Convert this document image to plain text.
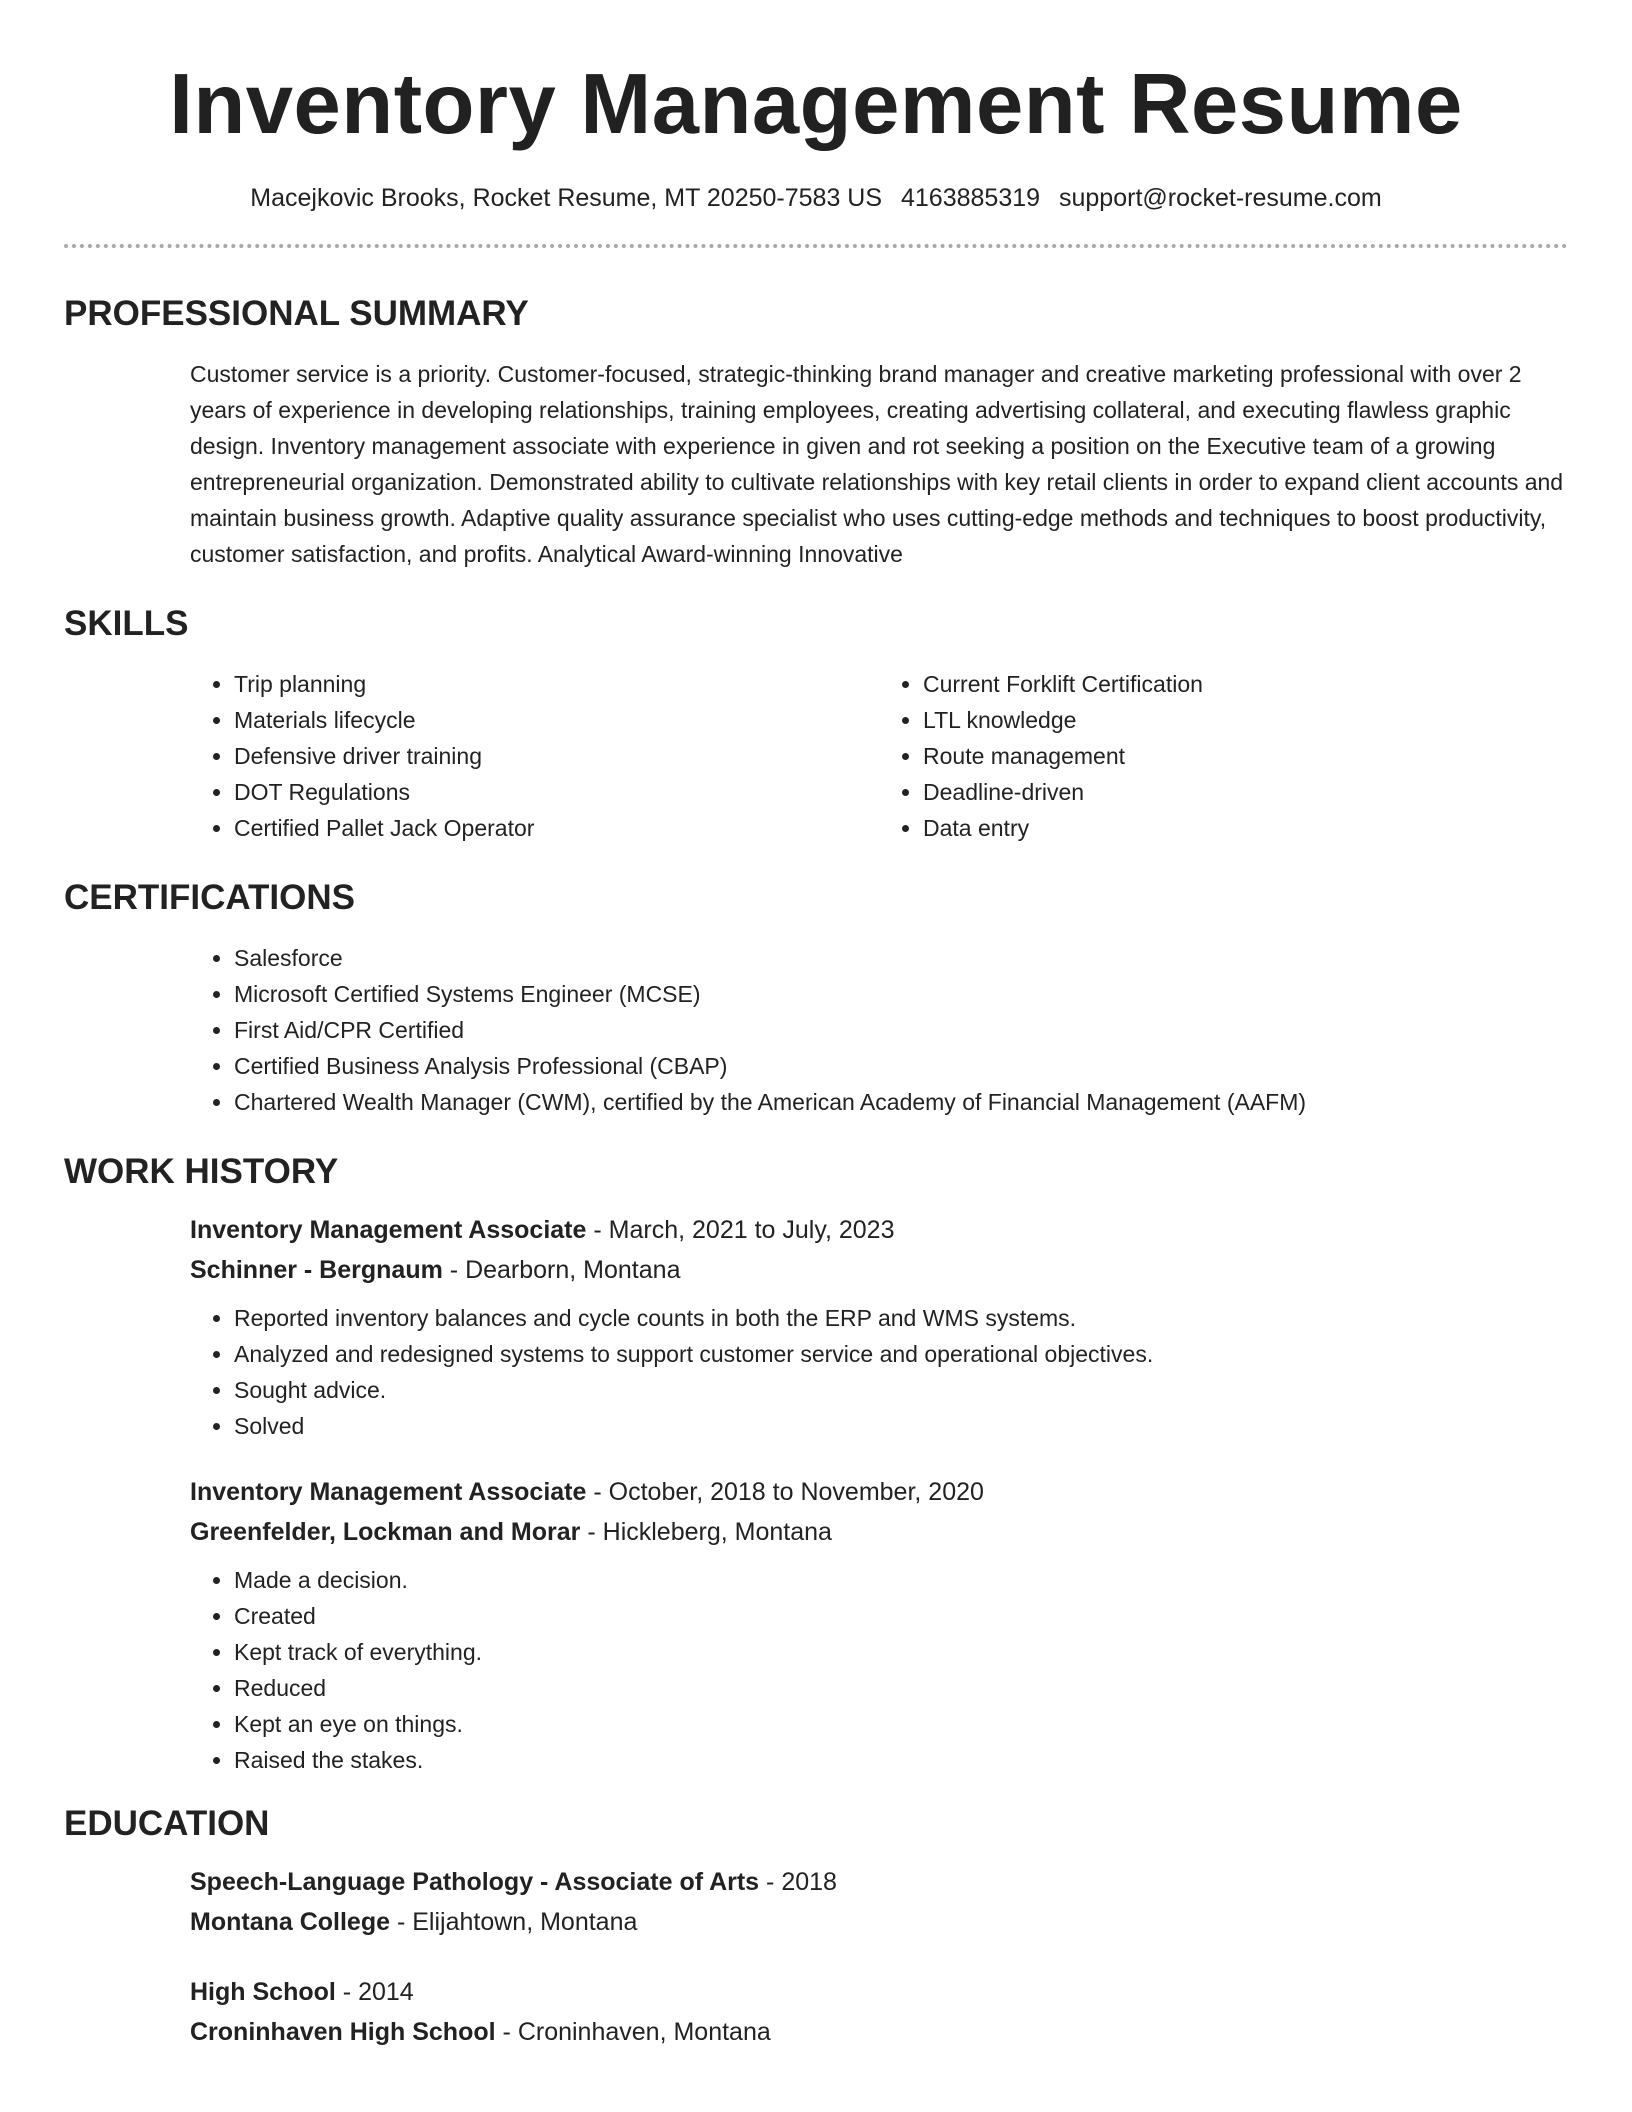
Inventory Management Resume
Macejkovic Brooks, Rocket Resume, MT 20250-7583 US 4163885319 support@rocket-resume.com
PROFESSIONAL SUMMARY

Customer service is a priority. Customer-focused, strategic-thinking brand manager and creative marketing professional with over 2 years of experience in developing relationships, training employees, creating advertising collateral, and executing flawless graphic design. Inventory management associate with experience in given and rot seeking a position on the Executive team of a growing entrepreneurial organization. Demonstrated ability to cultivate relationships with key retail clients in order to expand client accounts and maintain business growth. Adaptive quality assurance specialist who uses cutting-edge methods and techniques to boost productivity, customer satisfaction, and profits. Analytical Award-winning Innovative

SKILLS
• Trip planning
• Materials lifecycle
• Defensive driver training
• DOT Regulations
• Certified Pallet Jack Operator
• Current Forklift Certification
• LTL knowledge
• Route management
• Deadline-driven
• Data entry
CERTIFICATIONS
• Salesforce
• Microsoft Certified Systems Engineer (MCSE)
• First Aid/CPR Certified
• Certified Business Analysis Professional (CBAP)
• Chartered Wealth Manager (CWM), certified by the American Academy of Financial Management (AAFM)
WORK HISTORY
Inventory Management Associate - March, 2021 to July, 2023
Schinner - Bergnaum - Dearborn, Montana
• Reported inventory balances and cycle counts in both the ERP and WMS systems.
• Analyzed and redesigned systems to support customer service and operational objectives.
• Sought advice.
• Solved
Inventory Management Associate - October, 2018 to November, 2020
Greenfelder, Lockman and Morar - Hickleberg, Montana
• Made a decision.
• Created
• Kept track of everything.
• Reduced
• Kept an eye on things.
• Raised the stakes.
EDUCATION
Speech-Language Pathology - Associate of Arts - 2018
Montana College - Elijahtown, Montana
High School - 2014
Croninhaven High School - Croninhaven, Montana
